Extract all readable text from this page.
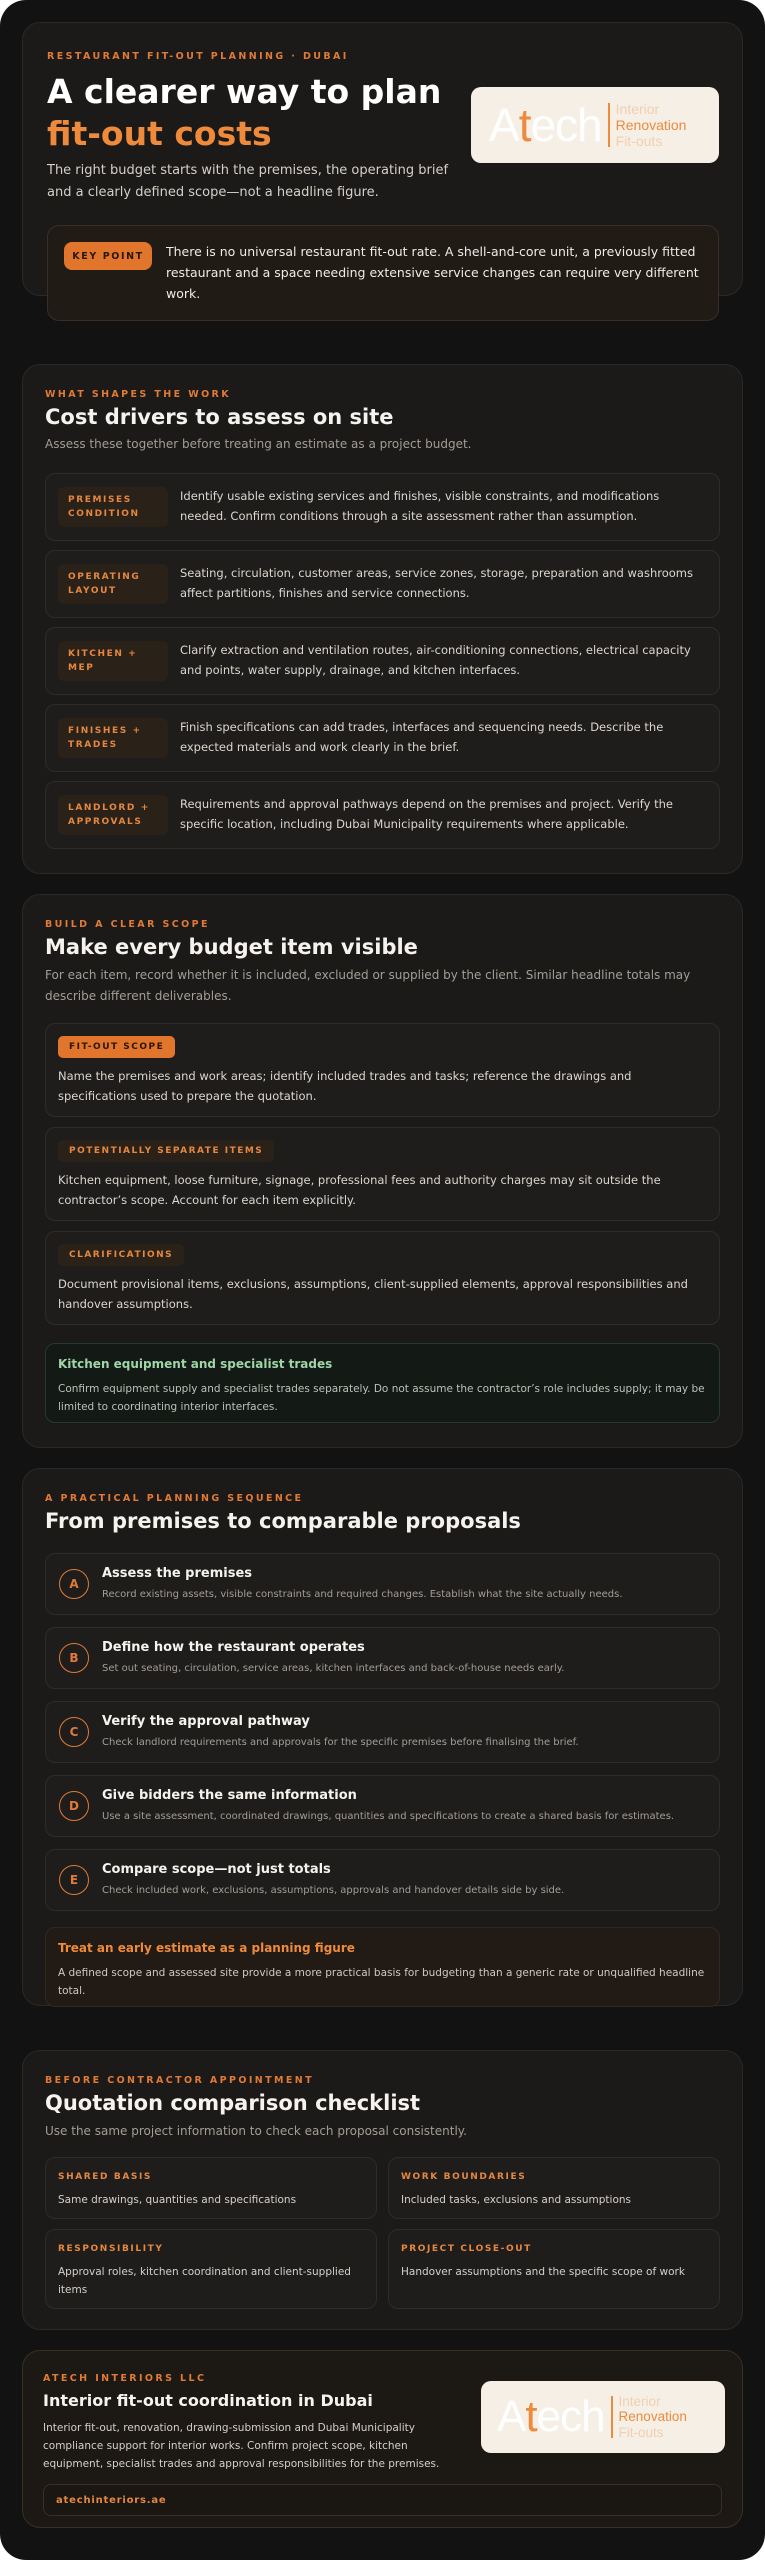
RESTAURANT FIT-OUT PLANNING · DUBAI
A clearer way to plan
fit-out costs
The right budget starts with the premises, the operating brief and a clearly defined scope—not a headline figure.
Atech Interior
Renovation
Fit-outs
KEY POINT	There is no universal restaurant fit-out rate. A shell-and-core unit, a previously fitted restaurant and a space needing extensive service changes can require very different work.
WHAT SHAPES THE WORK
Cost drivers to assess on site
Assess these together before treating an estimate as a project budget.
PREMISES
CONDITION
Identify usable existing services and finishes, visible constraints, and modifications needed. Confirm conditions through a site assessment rather than assumption.
OPERATING
LAYOUT
Seating, circulation, customer areas, service zones, storage, preparation and washrooms affect partitions, finishes and service connections.
KITCHEN +
MEP
Clarify extraction and ventilation routes, air-conditioning connections, electrical capacity and points, water supply, drainage, and kitchen interfaces.
FINISHES +
TRADES
Finish specifications can add trades, interfaces and sequencing needs. Describe the expected materials and work clearly in the brief.
LANDLORD +
APPROVALS
Requirements and approval pathways depend on the premises and project. Verify the specific location, including Dubai Municipality requirements where applicable.
BUILD A CLEAR SCOPE
Make every budget item visible
For each item, record whether it is included, excluded or supplied by the client. Similar headline totals may describe different deliverables.
FIT-OUT SCOPE
Name the premises and work areas; identify included trades and tasks; reference the drawings and specifications used to prepare the quotation.
POTENTIALLY SEPARATE ITEMS
Kitchen equipment, loose furniture, signage, professional fees and authority charges may sit outside the contractor’s scope. Account for each item explicitly.
CLARIFICATIONS
Document provisional items, exclusions, assumptions, client-supplied elements, approval responsibilities and handover assumptions.
Kitchen equipment and specialist trades
Confirm equipment supply and specialist trades separately. Do not assume the contractor’s role includes supply; it may be limited to coordinating interior interfaces.
A PRACTICAL PLANNING SEQUENCE
From premises to comparable proposals
A
Assess the premises
Record existing assets, visible constraints and required changes. Establish what the site actually needs.
B
Define how the restaurant operates
Set out seating, circulation, service areas, kitchen interfaces and back-of-house needs early.
C
Verify the approval pathway
Check landlord requirements and approvals for the specific premises before finalising the brief.
D
Give bidders the same information
Use a site assessment, coordinated drawings, quantities and specifications to create a shared basis for estimates.
E
Compare scope—not just totals
Check included work, exclusions, assumptions, approvals and handover details side by side.
Treat an early estimate as a planning figure
A defined scope and assessed site provide a more practical basis for budgeting than a generic rate or unqualified headline total.
BEFORE CONTRACTOR APPOINTMENT
Quotation comparison checklist
Use the same project information to check each proposal consistently.
SHARED BASIS
Same drawings, quantities and specifications
WORK BOUNDARIES
Included tasks, exclusions and assumptions
RESPONSIBILITY
Approval roles, kitchen coordination and client-supplied items
PROJECT CLOSE-OUT
Handover assumptions and the specific scope of work
ATECH INTERIORS LLC
Interior fit-out coordination in Dubai
Interior fit-out, renovation, drawing-submission and Dubai Municipality compliance support for interior works. Confirm project scope, kitchen equipment, specialist trades and approval responsibilities for the premises.
Atech Interior
Renovation
Fit-outs
atechinteriors.ae
